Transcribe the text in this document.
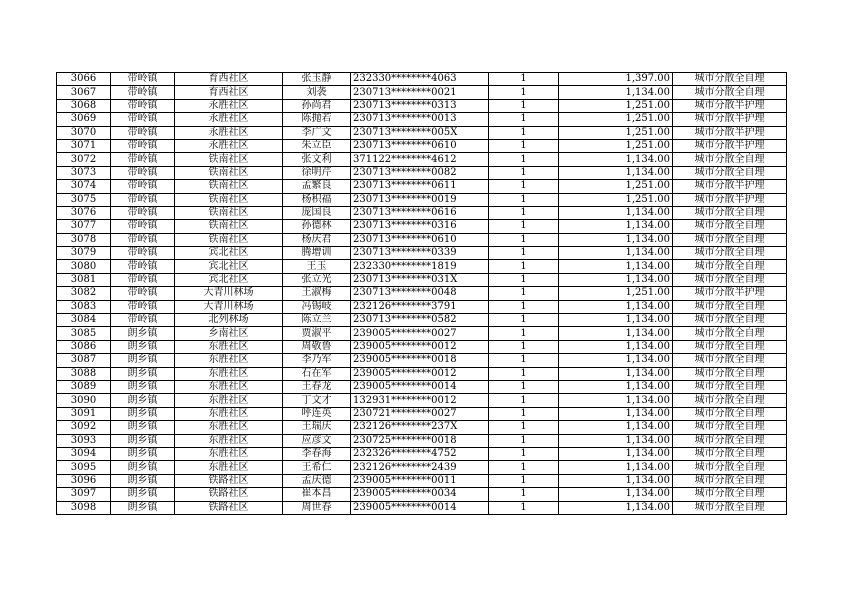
3066	带岭镇	育西社区	张玉静	232330********4063	1	1,397.00	城市分散全自理
3067	带岭镇	育西社区	刘袭	230713********0021	1	1,134.00	城市分散全自理
3068	带岭镇	永胜社区	孙尚君	230713********0313	1	1,251.00	城市分散半护理
3069	带岭镇	永胜社区	陈抛若	230713********0013	1	1,251.00	城市分散半护理
3070	带岭镇	永胜社区	李广文	230713********005X	1	1,251.00	城市分散半护理
3071	带岭镇	永胜社区	朱立臣	230713********0610	1	1,251.00	城市分散半护理
3072	带岭镇	铁南社区	张文利	371122********4612	1	1,134.00	城市分散全自理
3073	带岭镇	铁南社区	徐明芹	230713********0082	1	1,134.00	城市分散全自理
3074	带岭镇	铁南社区	孟繁良	230713********0611	1	1,251.00	城市分散半护理
3075	带岭镇	铁南社区	杨积福	230713********0019	1	1,251.00	城市分散半护理
3076	带岭镇	铁南社区	庞国良	230713********0616	1	1,134.00	城市分散全自理
3077	带岭镇	铁南社区	孙德林	230713********0316	1	1,134.00	城市分散全自理
3078	带岭镇	铁南社区	杨庆君	230713********0610	1	1,134.00	城市分散全自理
3079	带岭镇	宾北社区	腾增训	230713********0339	1	1,134.00	城市分散全自理
3080	带岭镇	宾北社区	王玉	232330********1819	1	1,134.00	城市分散全自理
3081	带岭镇	宾北社区	张立光	230713********031X	1	1,134.00	城市分散全自理
3082	带岭镇	大青川林场	王淑梅	230713********0048	1	1,251.00	城市分散半护理
3083	带岭镇	大青川林场	冯锡岐	232126********3791	1	1,134.00	城市分散全自理
3084	带岭镇	北列林场	陈立兰	230713********0582	1	1,134.00	城市分散全自理
3085	朗乡镇	乡南社区	贾淑平	239005********0027	1	1,134.00	城市分散全自理
3086	朗乡镇	东胜社区	周敬鲁	239005********0012	1	1,134.00	城市分散全自理
3087	朗乡镇	东胜社区	李乃军	239005********0018	1	1,134.00	城市分散全自理
3088	朗乡镇	东胜社区	石在军	239005********0012	1	1,134.00	城市分散全自理
3089	朗乡镇	东胜社区	王春龙	239005********0014	1	1,134.00	城市分散全自理
3090	朗乡镇	东胜社区	丁文才	132931********0012	1	1,134.00	城市分散全自理
3091	朗乡镇	东胜社区	呼连英	230721********0027	1	1,134.00	城市分散全自理
3092	朗乡镇	东胜社区	王瑞庆	232126********237X	1	1,134.00	城市分散全自理
3093	朗乡镇	东胜社区	应彦文	230725********0018	1	1,134.00	城市分散全自理
3094	朗乡镇	东胜社区	李春海	232326********4752	1	1,134.00	城市分散全自理
3095	朗乡镇	东胜社区	王希仁	232126********2439	1	1,134.00	城市分散全自理
3096	朗乡镇	铁路社区	孟庆德	239005********0011	1	1,134.00	城市分散全自理
3097	朗乡镇	铁路社区	崔本昌	239005********0034	1	1,134.00	城市分散全自理
3098	朗乡镇	铁路社区	周世春	239005********0014	1	1,134.00	城市分散全自理
